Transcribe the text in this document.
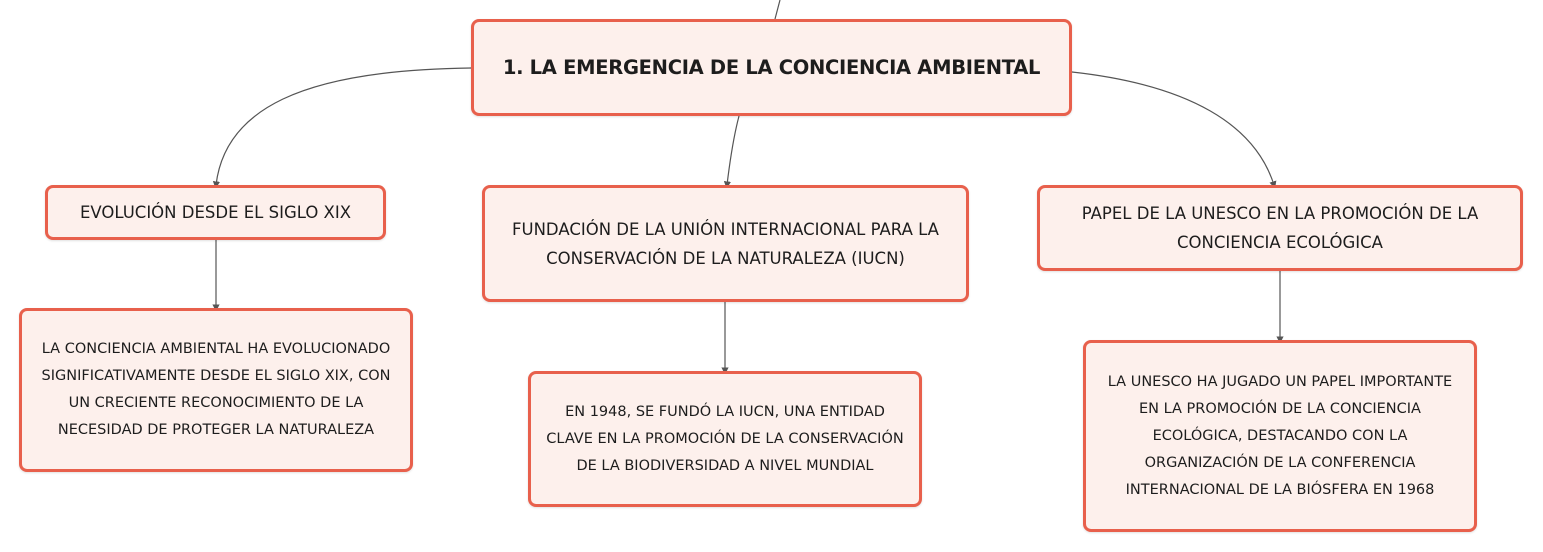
1. LA EMERGENCIA DE LA CONCIENCIA AMBIENTAL
EVOLUCIÓN DESDE EL SIGLO XIX
FUNDACIÓN DE LA UNIÓN INTERNACIONAL PARA LA CONSERVACIÓN DE LA NATURALEZA (IUCN)
PAPEL DE LA UNESCO EN LA PROMOCIÓN DE LA CONCIENCIA ECOLÓGICA
LA CONCIENCIA AMBIENTAL HA EVOLUCIONADO SIGNIFICATIVAMENTE DESDE EL SIGLO XIX, CON UN CRECIENTE RECONOCIMIENTO DE LA NECESIDAD DE PROTEGER LA NATURALEZA
EN 1948, SE FUNDÓ LA IUCN, UNA ENTIDAD CLAVE EN LA PROMOCIÓN DE LA CONSERVACIÓN DE LA BIODIVERSIDAD A NIVEL MUNDIAL
LA UNESCO HA JUGADO UN PAPEL IMPORTANTE EN LA PROMOCIÓN DE LA CONCIENCIA ECOLÓGICA, DESTACANDO CON LA ORGANIZACIÓN DE LA CONFERENCIA INTERNACIONAL DE LA BIÓSFERA EN 1968
